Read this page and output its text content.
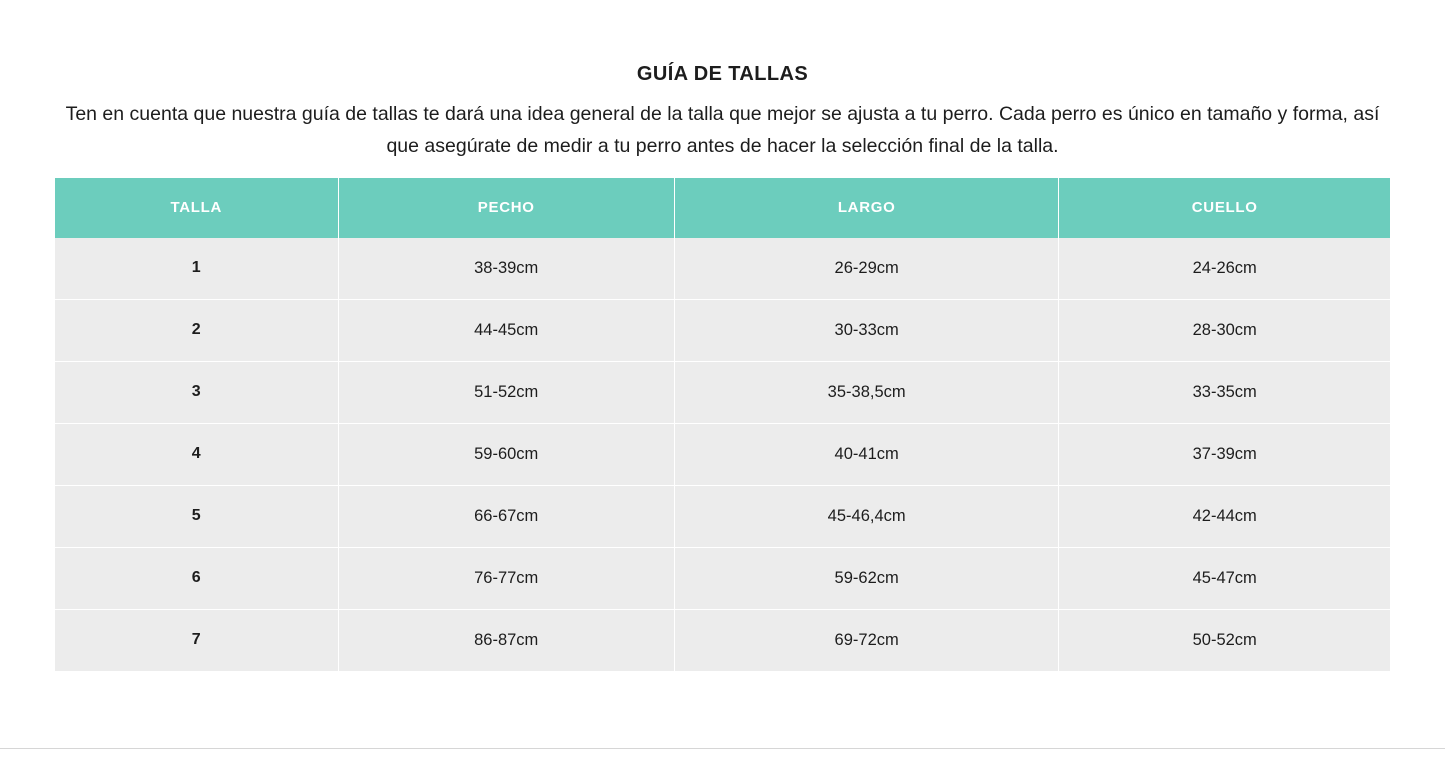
GUÍA DE TALLAS
Ten en cuenta que nuestra guía de tallas te dará una idea general de la talla que mejor se ajusta a tu perro. Cada perro es único en tamaño y forma, así que asegúrate de medir a tu perro antes de hacer la selección final de la talla.
TALLA	PECHO	LARGO	CUELLO
1	38-39cm	26-29cm	24-26cm
2	44-45cm	30-33cm	28-30cm
3	51-52cm	35-38,5cm	33-35cm
4	59-60cm	40-41cm	37-39cm
5	66-67cm	45-46,4cm	42-44cm
6	76-77cm	59-62cm	45-47cm
7	86-87cm	69-72cm	50-52cm
